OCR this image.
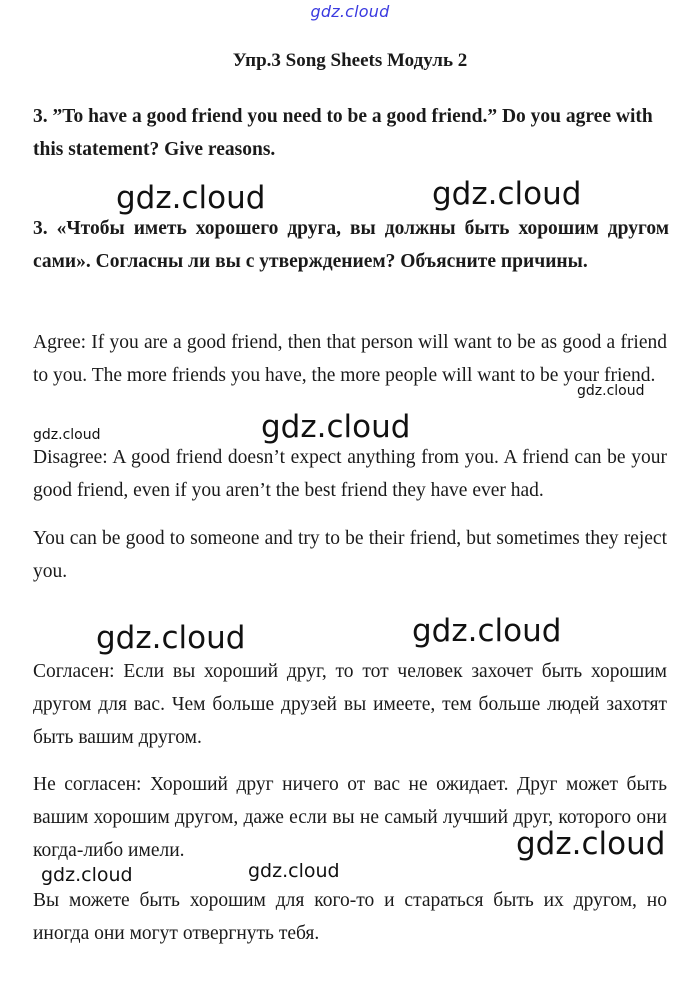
gdz.cloud
Упр.3 Song Sheets Модуль 2
3. ”To have a good friend you need to be a good friend.” Do you agree with this statement? Give reasons.
3. «Чтобы иметь хорошего друга, вы должны быть хорошим другом сами». Согласны ли вы с утверждением? Объясните причины.
Agree: If you are a good friend, then that person will want to be as good a friend to you. The more friends you have, the more people will want to be your friend.
Disagree: A good friend doesn’t expect anything from you. A friend can be your good friend, even if you aren’t the best friend they have ever had.
You can be good to someone and try to be their friend, but sometimes they reject you.
Согласен: Если вы хороший друг, то тот человек захочет быть хорошим другом для вас. Чем больше друзей вы имеете, тем больше людей захотят быть вашим другом.
Не согласен: Хороший друг ничего от вас не ожидает. Друг может быть вашим хорошим другом, даже если вы не самый лучший друг, которого они когда-либо имели.
Вы можете быть хорошим для кого-то и стараться быть их другом, но иногда они могут отвергнуть тебя.
gdz.cloud	gdz.cloud
gdz.cloud
gdz.cloud
gdz.cloud
gdz.cloud	gdz.cloud
gdz.cloud
gdz.cloud
gdz.cloud
